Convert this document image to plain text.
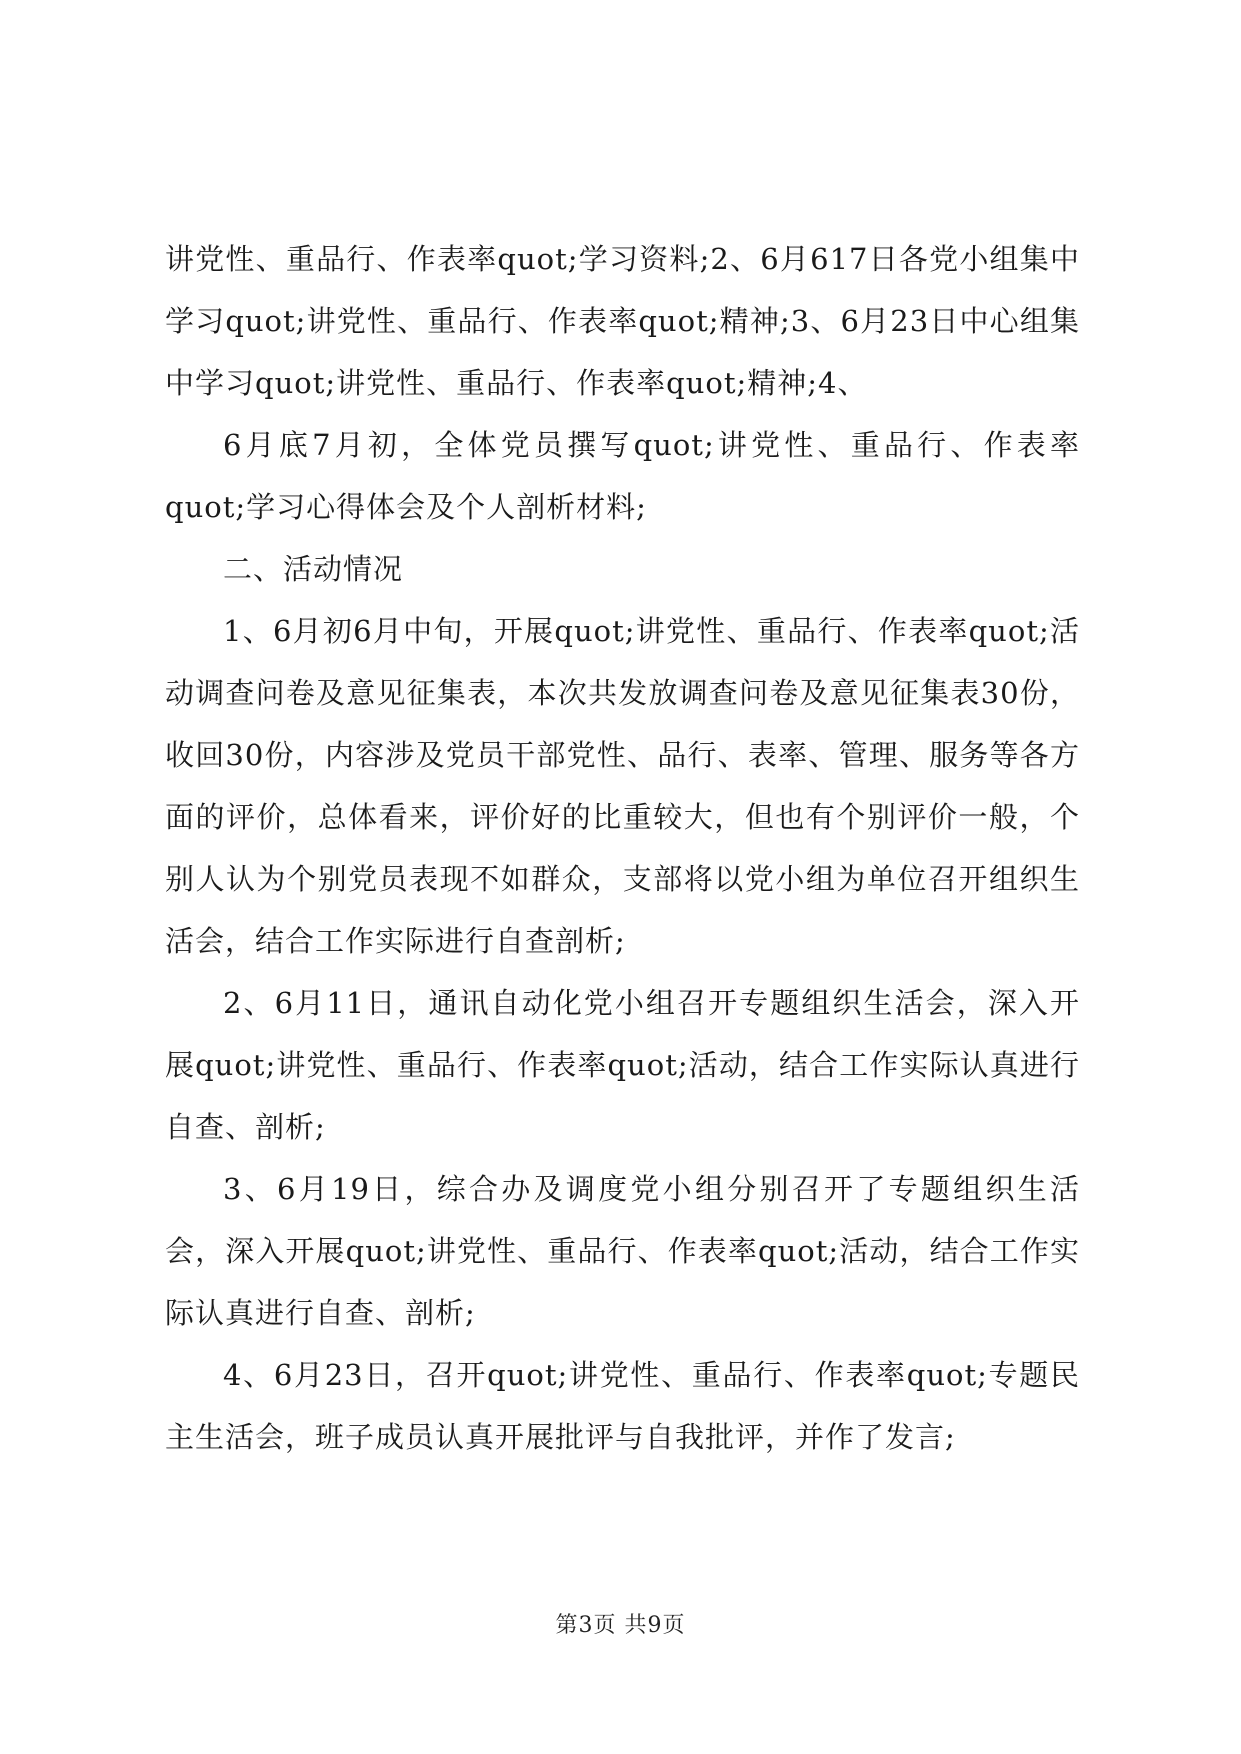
讲党性、重品行、作表率quot;学习资料;2、6月617日各党小组集中学习quot;讲党性、重品行、作表率quot;精神;3、6月23日中心组集中学习quot;讲党性、重品行、作表率quot;精神;4、

6月底7月初，全体党员撰写quot;讲党性、重品行、作表率quot;学习心得体会及个人剖析材料;

二、活动情况

1、6月初6月中旬，开展quot;讲党性、重品行、作表率quot;活动调查问卷及意见征集表，本次共发放调查问卷及意见征集表30份，收回30份，内容涉及党员干部党性、品行、表率、管理、服务等各方面的评价，总体看来，评价好的比重较大，但也有个别评价一般，个别人认为个别党员表现不如群众，支部将以党小组为单位召开组织生活会，结合工作实际进行自查剖析;

2、6月11日，通讯自动化党小组召开专题组织生活会，深入开展quot;讲党性、重品行、作表率quot;活动，结合工作实际认真进行自查、剖析;

3、6月19日，综合办及调度党小组分别召开了专题组织生活会，深入开展quot;讲党性、重品行、作表率quot;活动，结合工作实际认真进行自查、剖析;

4、6月23日，召开quot;讲党性、重品行、作表率quot;专题民主生活会，班子成员认真开展批评与自我批评，并作了发言;

第3页 共9页
